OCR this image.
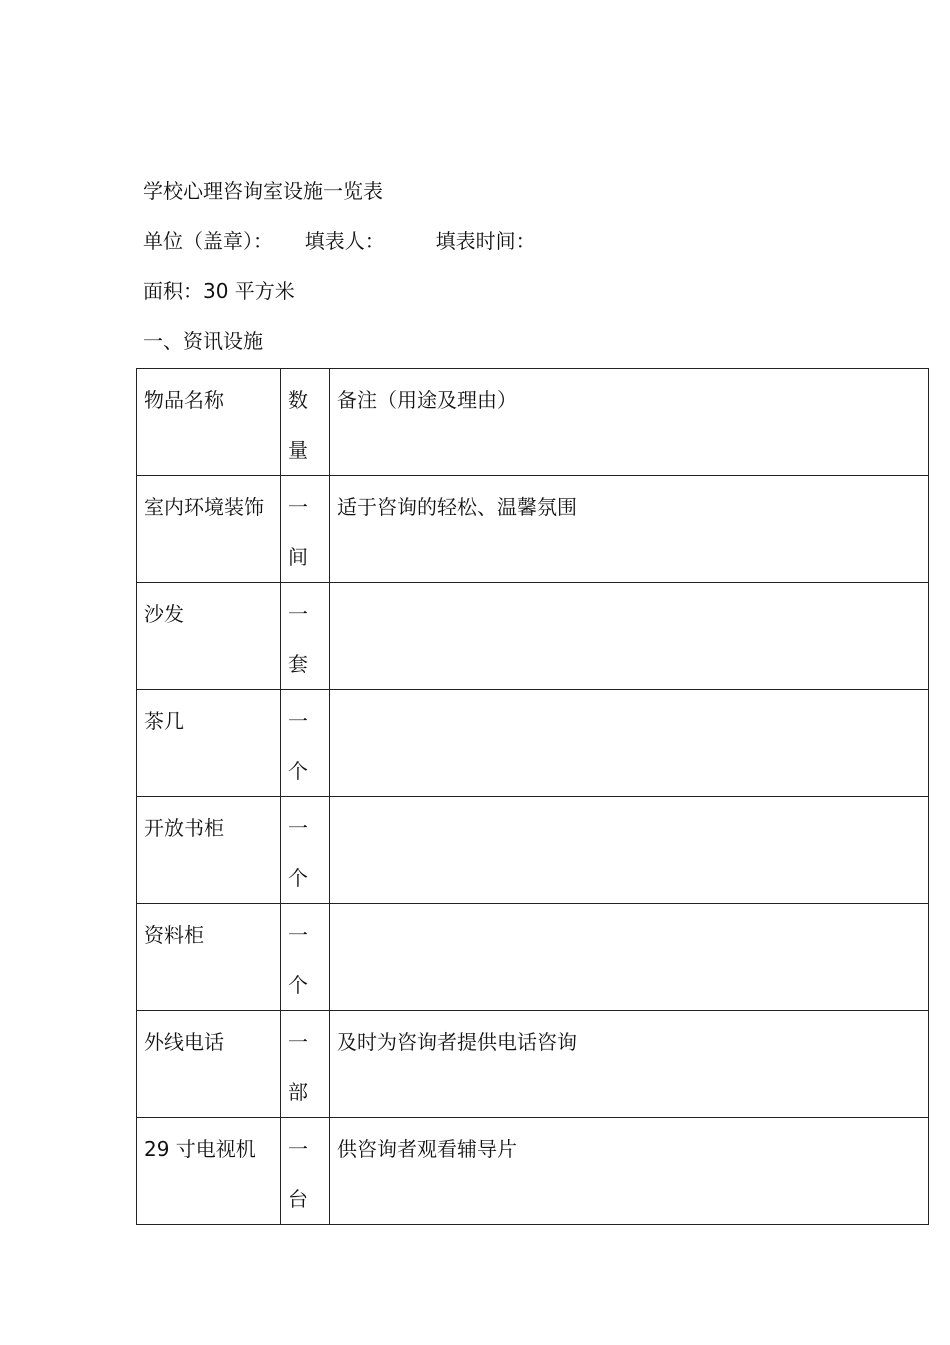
学校心理咨询室设施一览表
单位（盖章）： 填表人：	填表时间：
面积：30 平方米
一、资讯设施
物品名称	数量	备注（用途及理由）
室内环境装饰	一间	适于咨询的轻松、温馨氛围
沙发	一套	
茶几	一个	
开放书柜	一个	
资料柜	一个	
外线电话	一部	及时为咨询者提供电话咨询
29 寸电视机	一台	供咨询者观看辅导片
